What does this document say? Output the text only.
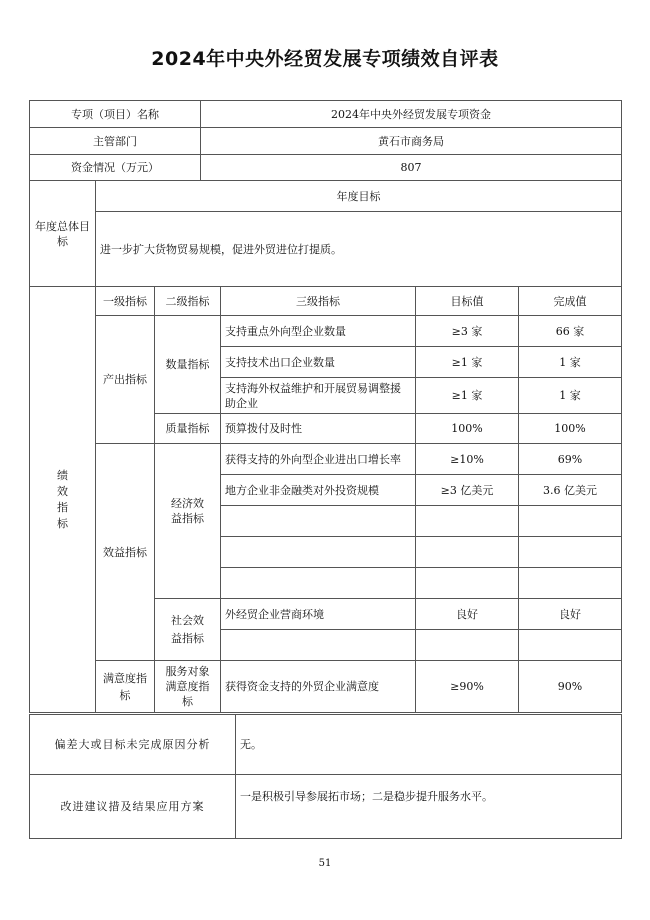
2024年中央外经贸发展专项绩效自评表
专项（项目）名称	2024年中央外经贸发展专项资金
主管部门	黄石市商务局
资金情况（万元）	807
年度总体目标	年度目标
进一步扩大货物贸易规模，促进外贸进位打提质。
绩效指标	一级指标	二级指标	三级指标	目标值	完成值
	产出指标	数量指标	支持重点外向型企业数量	≥3 家	66 家
			支持技术出口企业数量	≥1 家	1 家
			支持海外权益维护和开展贸易调整援助企业	≥1 家	1 家
		质量指标	预算拨付及时性	100%	100%
	效益指标	经济效益指标	获得支持的外向型企业进出口增长率	≥10%	69%
			地方企业非金融类对外投资规模	≥3 亿美元	3.6 亿美元

		社会效益指标	外经贸企业营商环境	良好	良好

	满意度指标	服务对象满意度指标	获得资金支持的外贸企业满意度	≥90%	90%
偏差大或目标未完成原因分析	无。
改进建议措及结果应用方案	一是积极引导参展拓市场；二是稳步提升服务水平。
51
